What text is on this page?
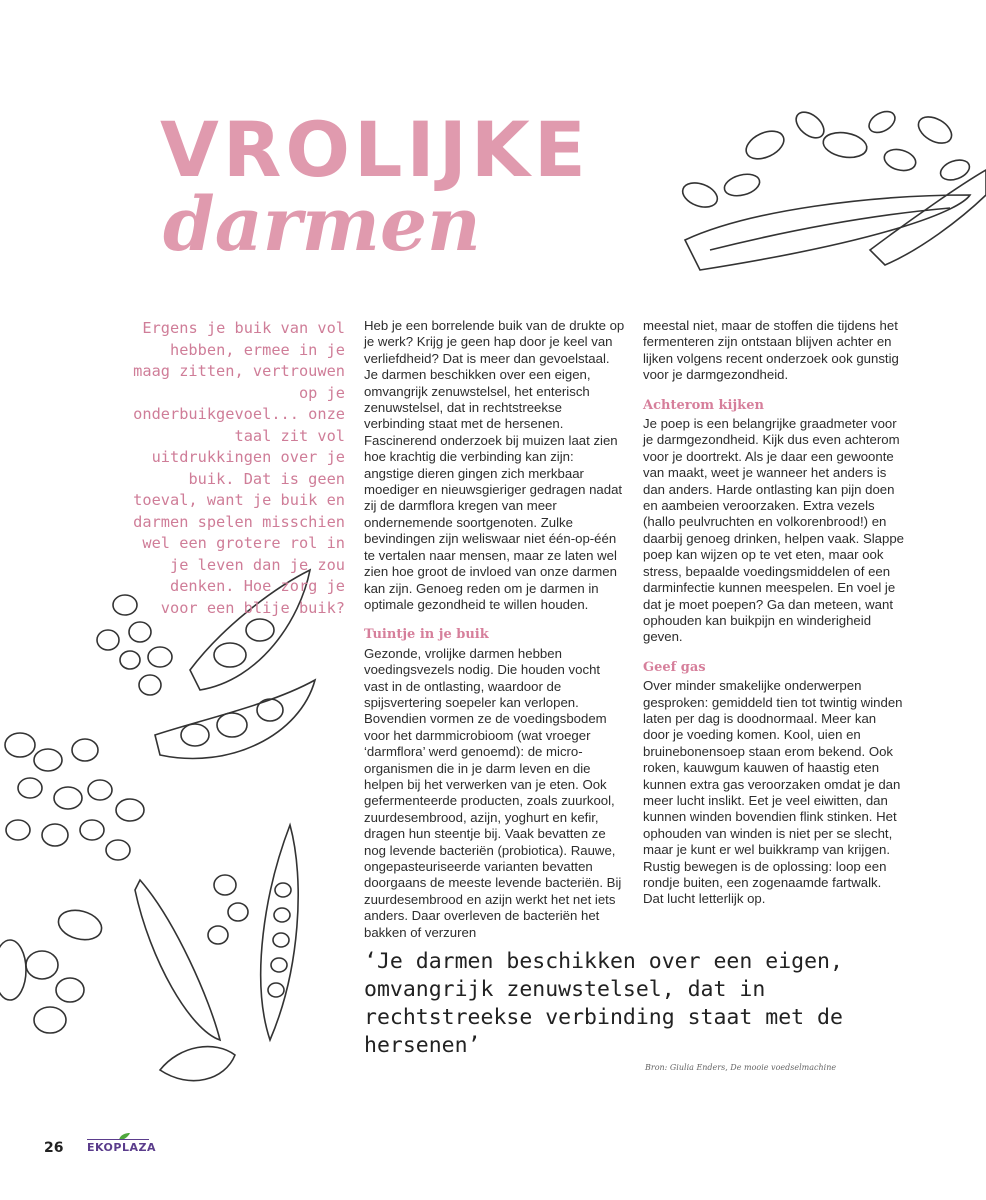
VROLIJKE
darmen
Ergens je buik van vol hebben, ermee in je maag zitten, vertrouwen op je onderbuikgevoel... onze taal zit vol uitdrukkingen over je buik. Dat is geen toeval, want je buik en darmen spelen misschien wel een grotere rol in je leven dan je zou denken. Hoe zorg je voor een blije buik?

Heb je een borrelende buik van de drukte op je werk? Krijg je geen hap door je keel van verliefdheid? Dat is meer dan gevoelstaal. Je darmen beschikken over een eigen, omvangrijk zenuwstelsel, het enterisch zenuwstelsel, dat in rechtstreekse verbinding staat met de hersenen. Fascinerend onderzoek bij muizen laat zien hoe krachtig die verbinding kan zijn: angstige dieren gingen zich merkbaar moediger en nieuwsgieriger gedragen nadat zij de darmflora kregen van meer ondernemende soortgenoten. Zulke bevindingen zijn weliswaar niet één-op-één te vertalen naar mensen, maar ze laten wel zien hoe groot de invloed van onze darmen kan zijn. Genoeg reden om je darmen in optimale gezondheid te willen houden.

Tuintje in je buik

Gezonde, vrolijke darmen hebben voedingsvezels nodig. Die houden vocht vast in de ontlasting, waardoor de spijsvertering soepeler kan verlopen. Bovendien vormen ze de voedingsbodem voor het darmmicrobioom (wat vroeger ‘darmflora’ werd genoemd): de micro-organismen die in je darm leven en die helpen bij het verwerken van je eten. Ook gefermenteerde producten, zoals zuurkool, zuurdesembrood, azijn, yoghurt en kefir, dragen hun steentje bij. Vaak bevatten ze nog levende bacteriën (probiotica). Rauwe, ongepasteuriseerde varianten bevatten doorgaans de meeste levende bacteriën. Bij zuurdesembrood en azijn werkt het net iets anders. Daar overleven de bacteriën het bakken of verzuren

meestal niet, maar de stoffen die tijdens het fermenteren zijn ontstaan blijven achter en lijken volgens recent onderzoek ook gunstig voor je darmgezondheid.

Achterom kijken

Je poep is een belangrijke graadmeter voor je darmgezondheid. Kijk dus even achterom voor je doortrekt. Als je daar een gewoonte van maakt, weet je wanneer het anders is dan anders. Harde ontlasting kan pijn doen en aambeien veroorzaken. Extra vezels (hallo peulvruchten en volkorenbrood!) en daarbij genoeg drinken, helpen vaak. Slappe poep kan wijzen op te vet eten, maar ook stress, bepaalde voedingsmiddelen of een darminfectie kunnen meespelen. En voel je dat je moet poepen? Ga dan meteen, want ophouden kan buikpijn en winderigheid geven.

Geef gas

Over minder smakelijke onderwerpen gesproken: gemiddeld tien tot twintig winden laten per dag is doodnormaal. Meer kan door je voeding komen. Kool, uien en bruinebonensoep staan erom bekend. Ook roken, kauwgum kauwen of haastig eten kunnen extra gas veroorzaken omdat je dan meer lucht inslikt. Eet je veel eiwitten, dan kunnen winden bovendien flink stinken. Het ophouden van winden is niet per se slecht, maar je kunt er wel buikkramp van krijgen. Rustig bewegen is de oplossing: loop een rondje buiten, een zogenaamde fartwalk. Dat lucht letterlijk op.

‘Je darmen beschikken over een eigen, omvangrijk zenuwstelsel, dat in rechtstreekse verbinding staat met de hersenen’
Bron: Giulia Enders, De mooie voedselmachine
26 EKOPLAZA
